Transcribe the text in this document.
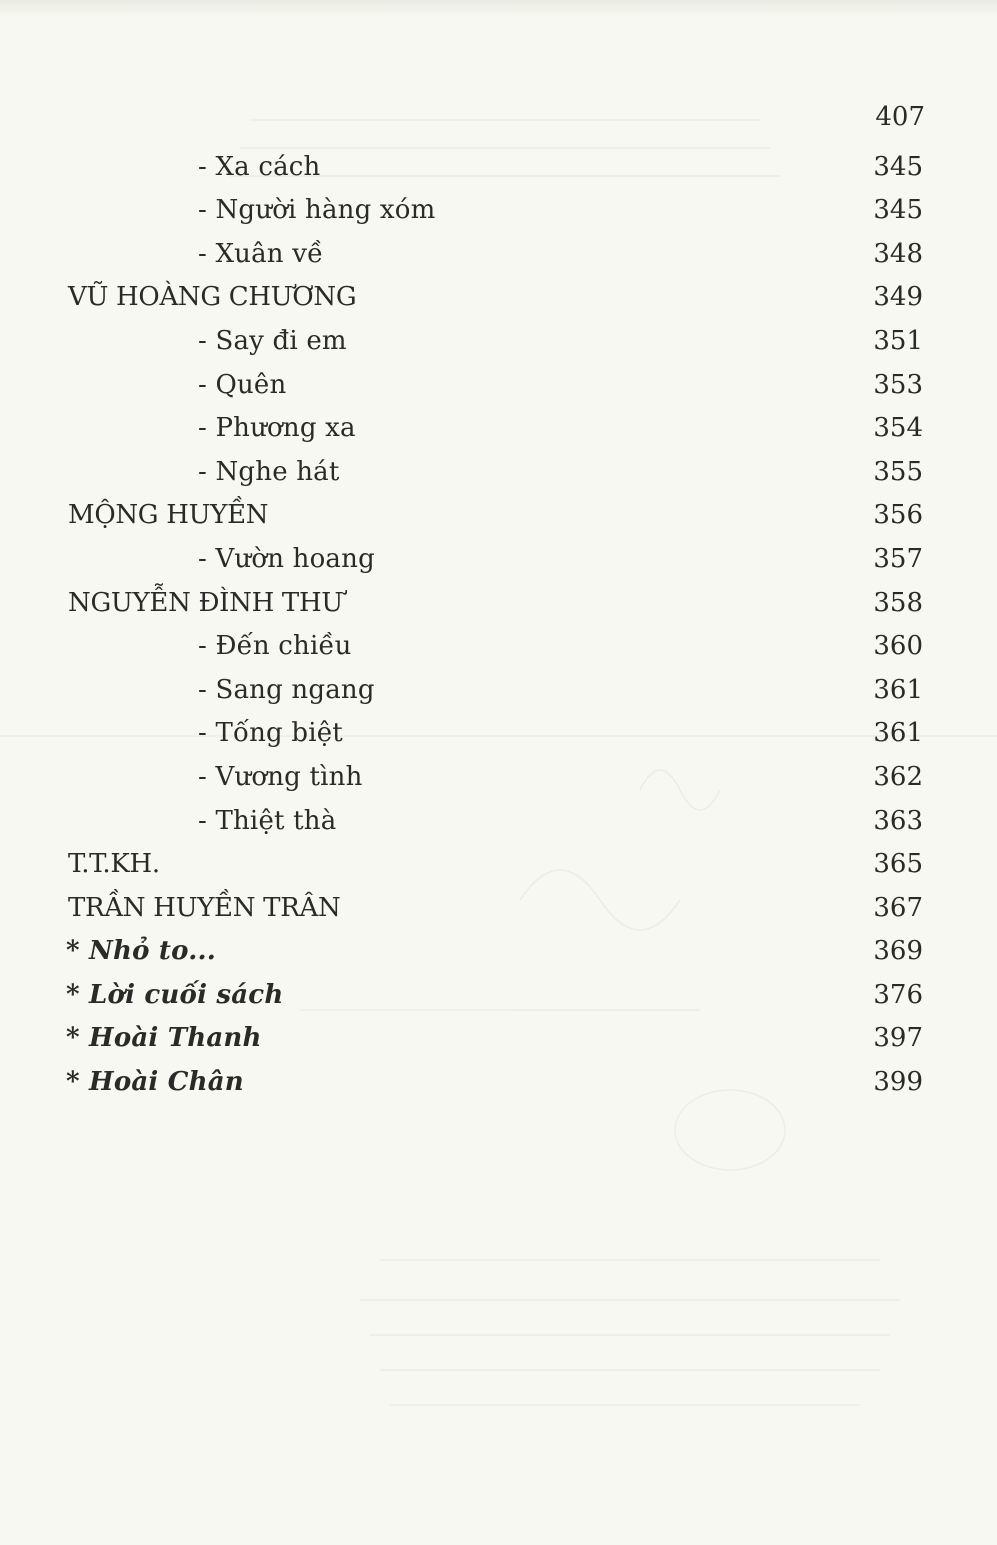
407
- Xa cách	345
- Người hàng xóm	345
- Xuân về	348
VŨ HOÀNG CHƯƠNG	349
- Say đi em	351
- Quên	353
- Phương xa	354
- Nghe hát	355
MỘNG HUYỀN	356
- Vườn hoang	357
NGUYỄN ĐÌNH THƯ	358
- Đến chiều	360
- Sang ngang	361
- Tống biệt	361
- Vương tình	362
- Thiệt thà	363
T.T.KH.	365
TRẦN HUYỀN TRÂN	367
* Nhỏ to...	369
* Lời cuối sách	376
* Hoài Thanh	397
* Hoài Chân	399
